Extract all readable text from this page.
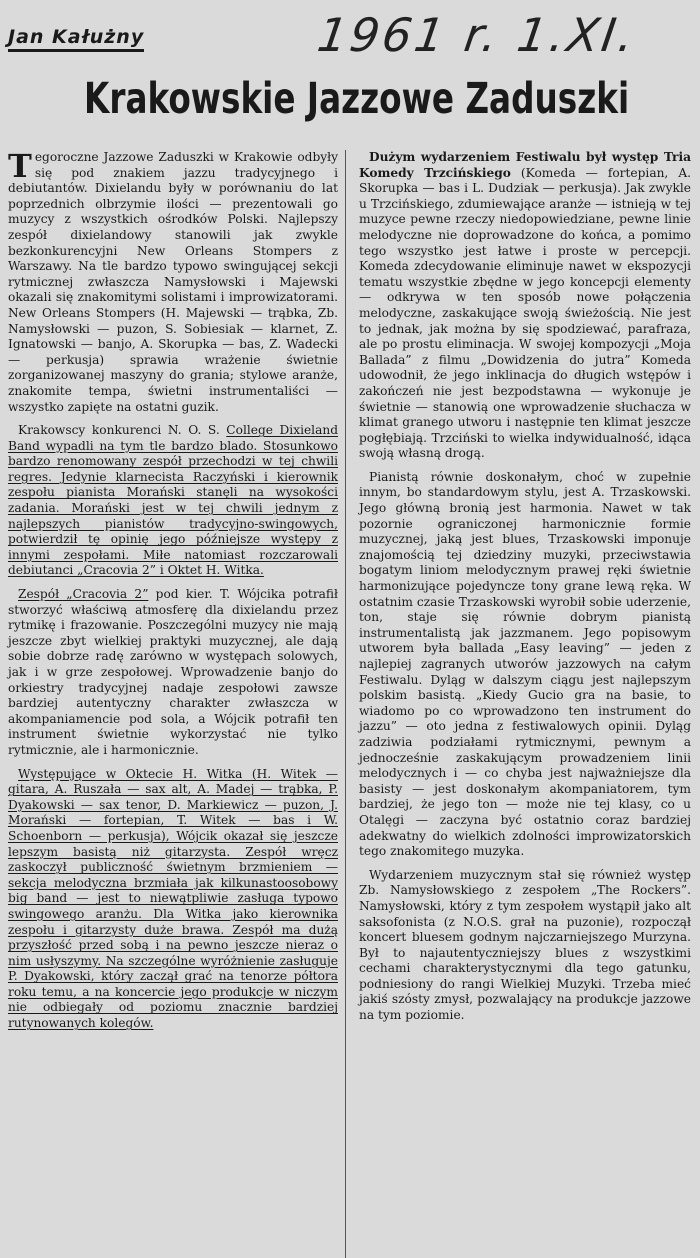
Jan Kałużny	1961 r. 1.XI.
Krakowskie Jazzowe Zaduszki

Tegoroczne Jazzowe Zaduszki w Krakowie odbyły się pod znakiem jazzu tradycyjnego i debiutantów. Dixielandu były w porównaniu do lat poprzednich olbrzymie ilości — prezentowali go muzycy z wszystkich ośrodków Polski. Najlepszy zespół dixielandowy stanowili jak zwykle bezkonkurencyjni New Orleans Stompers z Warszawy. Na tle bardzo typowo swingującej sekcji rytmicznej zwłaszcza Namysłowski i Majewski okazali się znakomitymi solistami i improwizatorami. New Orleans Stompers (H. Majewski — trąbka, Zb. Namysłowski — puzon, S. Sobiesiak — klarnet, Z. Ignatowski — banjo, A. Skorupka — bas, Z. Wadecki — perkusja) sprawia wrażenie świetnie zorganizowanej maszyny do grania; stylowe aranże, znakomite tempa, świetni instrumentaliści — wszystko zapięte na ostatni guzik.

Krakowscy konkurenci N. O. S. College Dixieland Band wypadli na tym tle bardzo blado. Stosunkowo bardzo renomowany zespół przechodzi w tej chwili regres. Jedynie klarnecista Raczyński i kierownik zespołu pianista Morański stanęli na wysokości zadania. Morański jest w tej chwili jednym z najlepszych pianistów tradycyjno-swingowych, potwierdził tę opinię jego późniejsze występy z innymi zespołami. Miłe natomiast rozczarowali debiutanci „Cracovia 2” i Oktet H. Witka.

Zespół „Cracovia 2” pod kier. T. Wójcika potrafił stworzyć właściwą atmosferę dla dixielandu przez rytmikę i frazowanie. Poszczególni muzycy nie mają jeszcze zbyt wielkiej praktyki muzycznej, ale dają sobie dobrze radę zarówno w występach solowych, jak i w grze zespołowej. Wprowadzenie banjo do orkiestry tradycyjnej nadaje zespołowi zawsze bardziej autentyczny charakter zwłaszcza w akompaniamencie pod sola, a Wójcik potrafił ten instrument świetnie wykorzystać nie tylko rytmicznie, ale i harmonicznie.

Występujące w Oktecie H. Witka (H. Witek — gitara, A. Ruszała — sax alt, A. Madej — trąbka, P. Dyakowski — sax tenor, D. Markiewicz — puzon, J. Morański — fortepian, T. Witek — bas i W. Schoenborn — perkusja), Wójcik okazał się jeszcze lepszym basistą niż gitarzysta. Zespół wręcz zaskoczył publiczność świetnym brzmieniem — sekcja melodyczna brzmiała jak kilkunastoosobowy big band — jest to niewątpliwie zasługa typowo swingowego aranżu. Dla Witka jako kierownika zespołu i gitarzysty duże brawa. Zespół ma dużą przyszłość przed sobą i na pewno jeszcze nieraz o nim usłyszymy. Na szczególne wyróżnienie zasługuje P. Dyakowski, który zaczął grać na tenorze półtora roku temu, a na koncercie jego produkcje w niczym nie odbiegały od poziomu znacznie bardziej rutynowanych kolegów.

Dużym wydarzeniem Festiwalu był występ Tria Komedy Trzcińskiego (Komeda — fortepian, A. Skorupka — bas i L. Dudziak — perkusja). Jak zwykle u Trzcińskiego, zdumiewające aranże — istnieją w tej muzyce pewne rzeczy niedopowiedziane, pewne linie melodyczne nie doprowadzone do końca, a pomimo tego wszystko jest łatwe i proste w percepcji. Komeda zdecydowanie eliminuje nawet w ekspozycji tematu wszystkie zbędne w jego koncepcji elementy — odkrywa w ten sposób nowe połączenia melodyczne, zaskakujące swoją świeżością. Nie jest to jednak, jak można by się spodziewać, parafraza, ale po prostu eliminacja. W swojej kompozycji „Moja Ballada” z filmu „Dowidzenia do jutra” Komeda udowodnił, że jego inklinacja do długich wstępów i zakończeń nie jest bezpodstawna — wykonuje je świetnie — stanowią one wprowadzenie słuchacza w klimat granego utworu i następnie ten klimat jeszcze pogłębiają. Trzciński to wielka indywidualność, idąca swoją własną drogą.

Pianistą równie doskonałym, choć w zupełnie innym, bo standardowym stylu, jest A. Trzaskowski. Jego główną bronią jest harmonia. Nawet w tak pozornie ograniczonej harmonicznie formie muzycznej, jaką jest blues, Trzaskowski imponuje znajomością tej dziedziny muzyki, przeciwstawia bogatym liniom melodycznym prawej ręki świetnie harmonizujące pojedyncze tony grane lewą ręka. W ostatnim czasie Trzaskowski wyrobił sobie uderzenie, ton, staje się równie dobrym pianistą instrumentalistą jak jazzmanem. Jego popisowym utworem była ballada „Easy leaving” — jeden z najlepiej zagranych utworów jazzowych na całym Festiwalu. Dyląg w dalszym ciągu jest najlepszym polskim basistą. „Kiedy Gucio gra na basie, to wiadomo po co wprowadzono ten instrument do jazzu” — oto jedna z festiwalowych opinii. Dyląg zadziwia podziałami rytmicznymi, pewnym a jednocześnie zaskakującym prowadzeniem linii melodycznych i — co chyba jest najważniejsze dla basisty — jest doskonałym akompaniatorem, tym bardziej, że jego ton — może nie tej klasy, co u Otalęgi — zaczyna być ostatnio coraz bardziej adekwatny do wielkich zdolności improwizatorskich tego znakomitego muzyka.

Wydarzeniem muzycznym stał się również występ Zb. Namysłowskiego z zespołem „The Rockers”. Namysłowski, który z tym zespołem wystąpił jako alt saksofonista (z N.O.S. grał na puzonie), rozpoczął koncert bluesem godnym najczarniejszego Murzyna. Był to najautentyczniejszy blues z wszystkimi cechami charakterystycznymi dla tego gatunku, podniesiony do rangi Wielkiej Muzyki. Trzeba mieć jakiś szósty zmysł, pozwalający na produkcje jazzowe na tym poziomie.
